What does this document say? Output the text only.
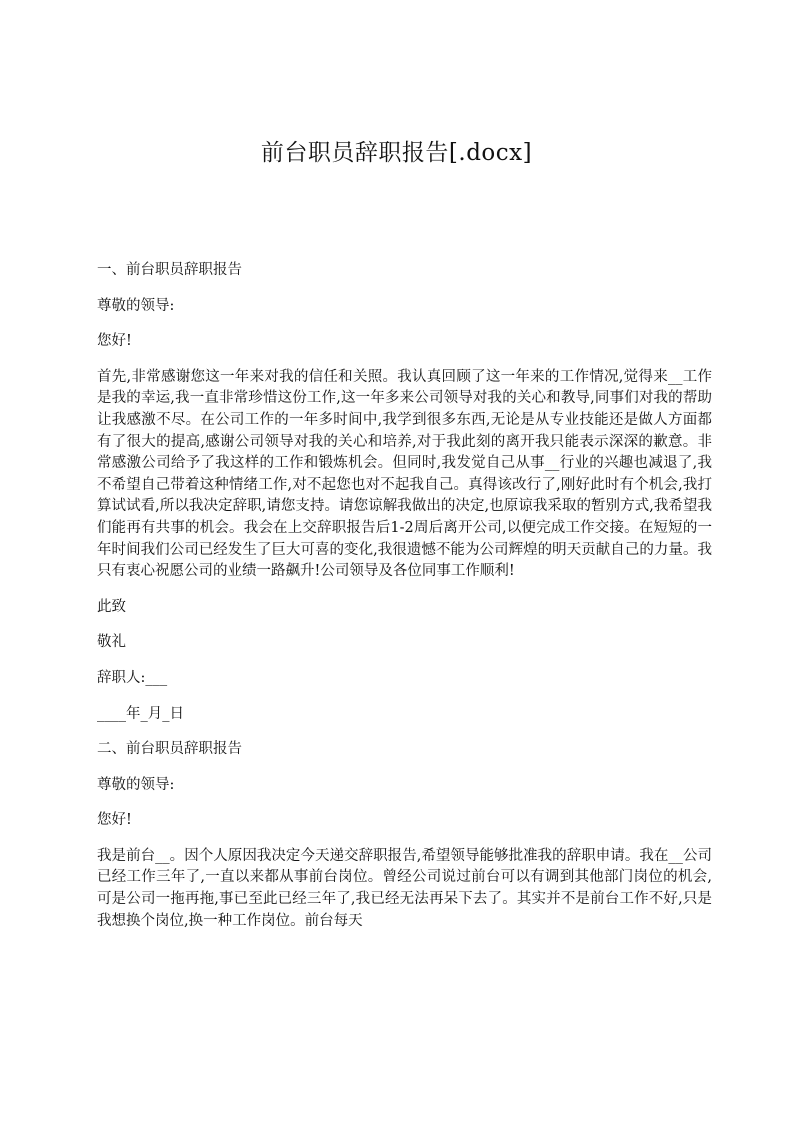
前台职员辞职报告[.docx]

一、前台职员辞职报告

尊敬的领导:

您好!

首先,非常感谢您这一年来对我的信任和关照。我认真回顾了这一年来的工作情况,觉得来__工作是我的幸运,我一直非常珍惜这份工作,这一年多来公司领导对我的关心和教导,同事们对我的帮助让我感激不尽。在公司工作的一年多时间中,我学到很多东西,无论是从专业技能还是做人方面都有了很大的提高,感谢公司领导对我的关心和培养,对于我此刻的离开我只能表示深深的歉意。非常感激公司给予了我这样的工作和锻炼机会。但同时,我发觉自己从事__行业的兴趣也减退了,我不希望自己带着这种情绪工作,对不起您也对不起我自己。真得该改行了,刚好此时有个机会,我打算试试看,所以我决定辞职,请您支持。请您谅解我做出的决定,也原谅我采取的暂别方式,我希望我们能再有共事的机会。我会在上交辞职报告后1-2周后离开公司,以便完成工作交接。在短短的一年时间我们公司已经发生了巨大可喜的变化,我很遗憾不能为公司辉煌的明天贡献自己的力量。我只有衷心祝愿公司的业绩一路飙升!公司领导及各位同事工作顺利!

此致

敬礼

辞职人:___

____年_月_日

二、前台职员辞职报告

尊敬的领导:

您好!

我是前台__。因个人原因我决定今天递交辞职报告,希望领导能够批准我的辞职申请。我在__公司已经工作三年了,一直以来都从事前台岗位。曾经公司说过前台可以有调到其他部门岗位的机会,可是公司一拖再拖,事已至此已经三年了,我已经无法再呆下去了。其实并不是前台工作不好,只是我想换个岗位,换一种工作岗位。前台每天
